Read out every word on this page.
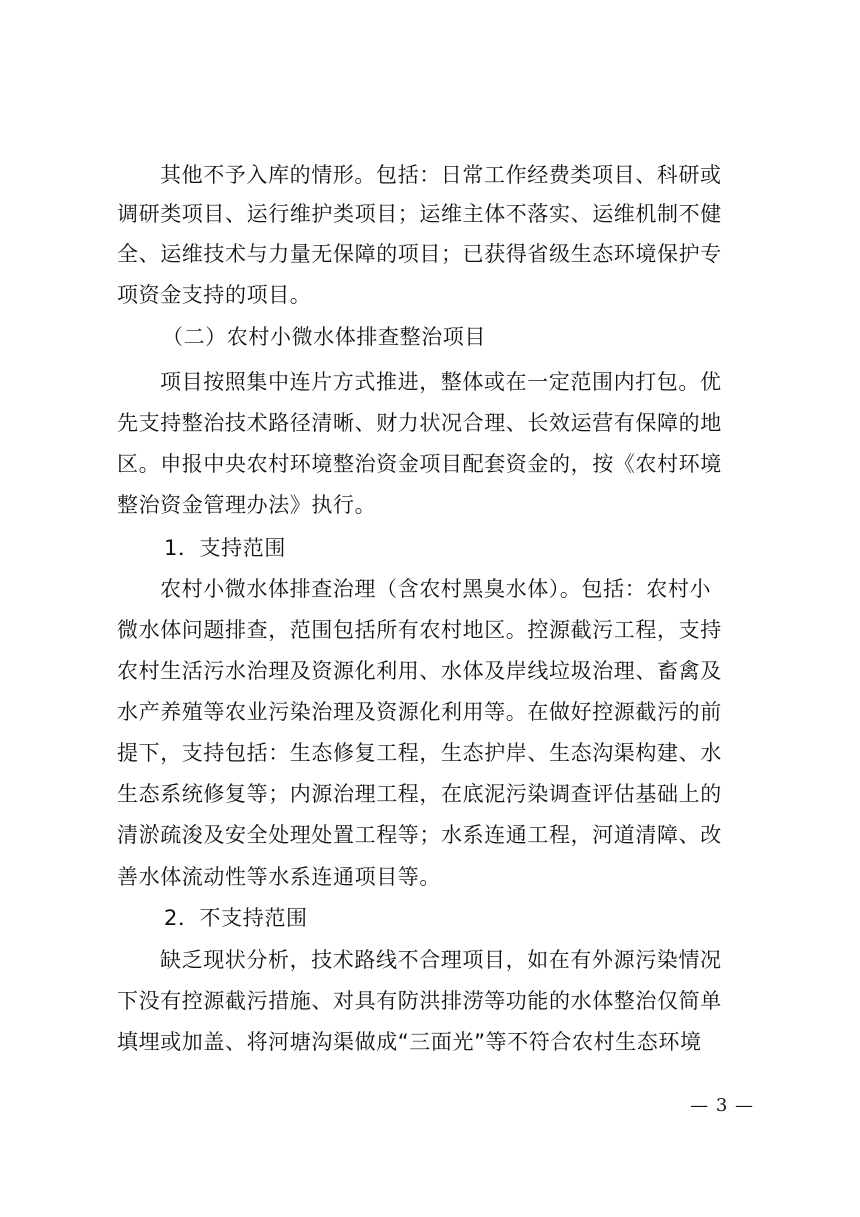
其他不予入库的情形。包括：日常工作经费类项目、科研或
调研类项目、运行维护类项目；运维主体不落实、运维机制不健
全、运维技术与力量无保障的项目；已获得省级生态环境保护专
项资金支持的项目。
（二）农村小微水体排查整治项目
项目按照集中连片方式推进，整体或在一定范围内打包。优
先支持整治技术路径清晰、财力状况合理、长效运营有保障的地
区。申报中央农村环境整治资金项目配套资金的，按《农村环境
整治资金管理办法》执行。
1．支持范围
农村小微水体排查治理（含农村黑臭水体）。包括：农村小
微水体问题排查，范围包括所有农村地区。控源截污工程，支持
农村生活污水治理及资源化利用、水体及岸线垃圾治理、畜禽及
水产养殖等农业污染治理及资源化利用等。在做好控源截污的前
提下，支持包括：生态修复工程，生态护岸、生态沟渠构建、水
生态系统修复等；内源治理工程，在底泥污染调查评估基础上的
清淤疏浚及安全处理处置工程等；水系连通工程，河道清障、改
善水体流动性等水系连通项目等。
2．不支持范围
缺乏现状分析，技术路线不合理项目，如在有外源污染情况
下没有控源截污措施、对具有防洪排涝等功能的水体整治仅简单
填埋或加盖、将河塘沟渠做成“三面光”等不符合农村生态环境
— 3 —
